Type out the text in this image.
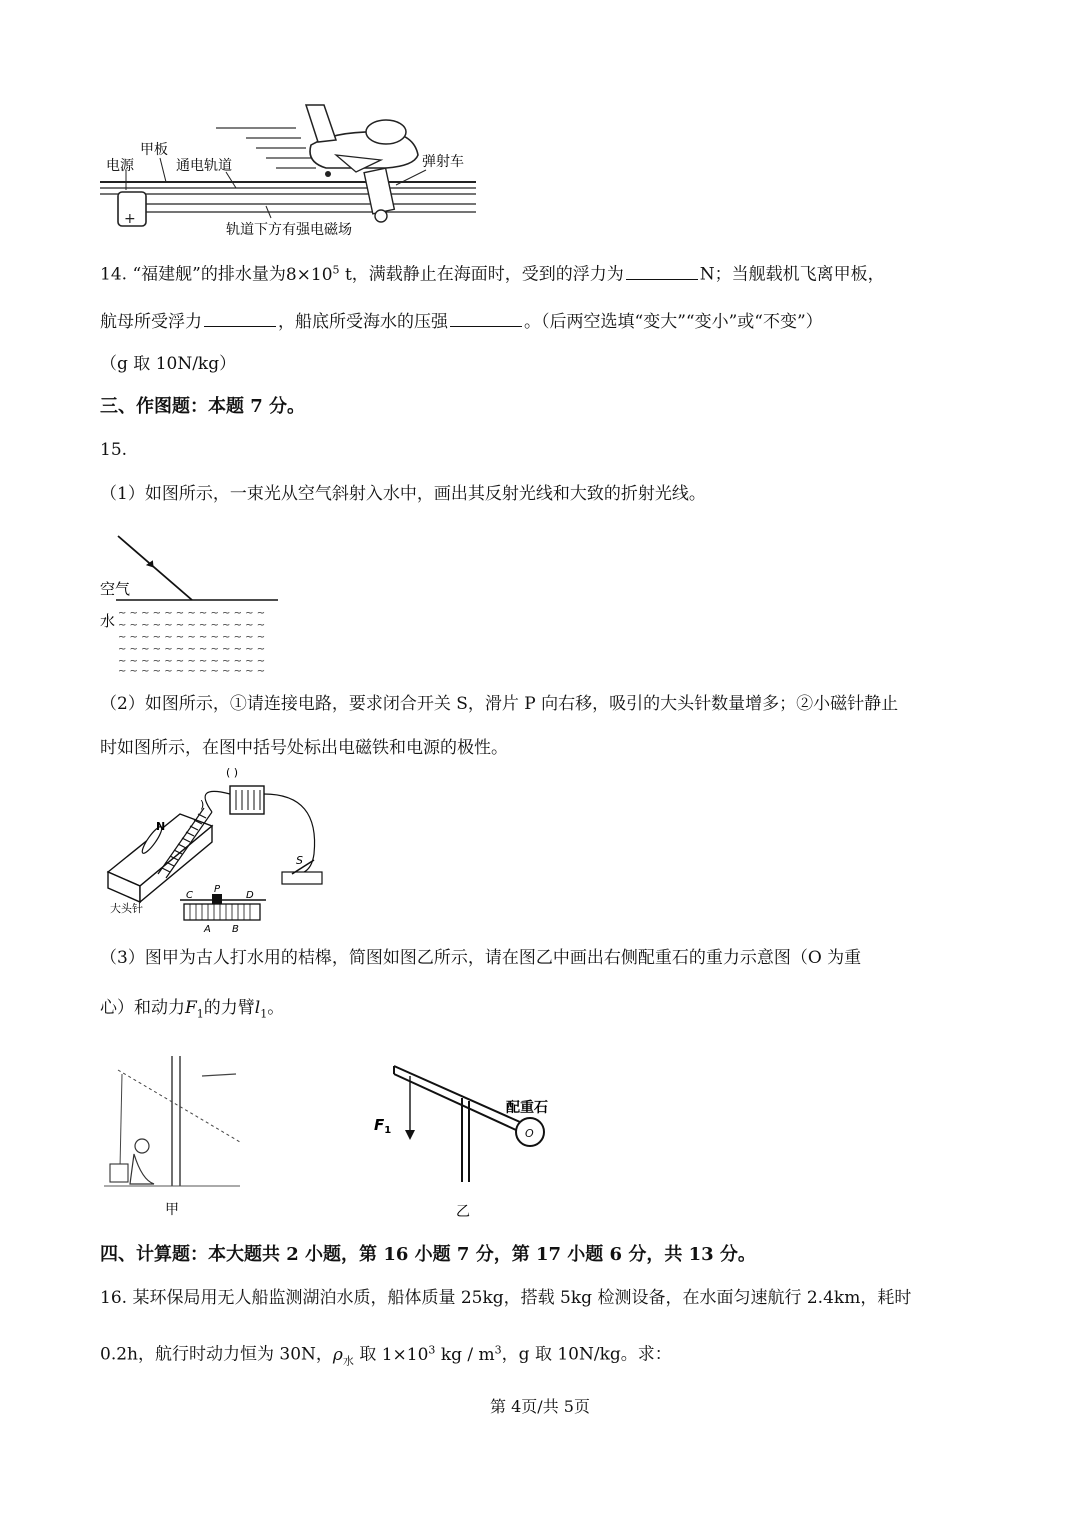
+
电源
甲板
通电轨道	弹射车
轨道下方有强电磁场
14. “福建舰”的排水量为$8\times 10^5$ t，满载静止在海面时，受到的浮力为	N；当舰载机飞离甲板，
航母所受浮力	，船底所受海水的压强	。（后两空选填“变大”“变小”或“不变”）
（g 取 10N/kg）
三、作图题：本题 7 分。
15.
（1）如图所示，一束光从空气斜射入水中，画出其反射光线和大致的折射光线。
~ ~ ~ ~ ~ ~ ~ ~ ~ ~ ~ ~ ~
~ ~ ~ ~ ~ ~ ~ ~ ~ ~ ~ ~ ~
~ ~ ~ ~ ~ ~ ~ ~ ~ ~ ~ ~ ~
~ ~ ~ ~ ~ ~ ~ ~ ~ ~ ~ ~ ~
~ ~ ~ ~ ~ ~ ~ ~ ~ ~ ~ ~ ~
~ ~ ~ ~ ~ ~ ~ ~ ~ ~ ~ ~ ~
空气
水
（2）如图所示，①请连接电路，要求闭合开关 S，滑片 P 向右移，吸引的大头针数量增多；②小磁针静止
时如图所示，在图中括号处标出电磁铁和电源的极性。
( )
)
N
S
C
P
D
A B
大头针
（3）图甲为古人打水用的桔槔，简图如图乙所示，请在图乙中画出右侧配重石的重力示意图（O 为重
心）和动力$F_1$的力臂$l_1$。
甲
O
$F_1$
配重石
乙
四、计算题：本大题共 2 小题，第 16 小题 7 分，第 17 小题 6 分，共 13 分。
16. 某环保局用无人船监测湖泊水质，船体质量 25kg，搭载 5kg 检测设备，在水面匀速航行 2.4km，耗时
0.2h，航行时动力恒为 30N，$\rho_水$ 取 $1\times 10^3$ kg / $m^3$，g 取 10N/kg。求：
第 4页/共 5页
